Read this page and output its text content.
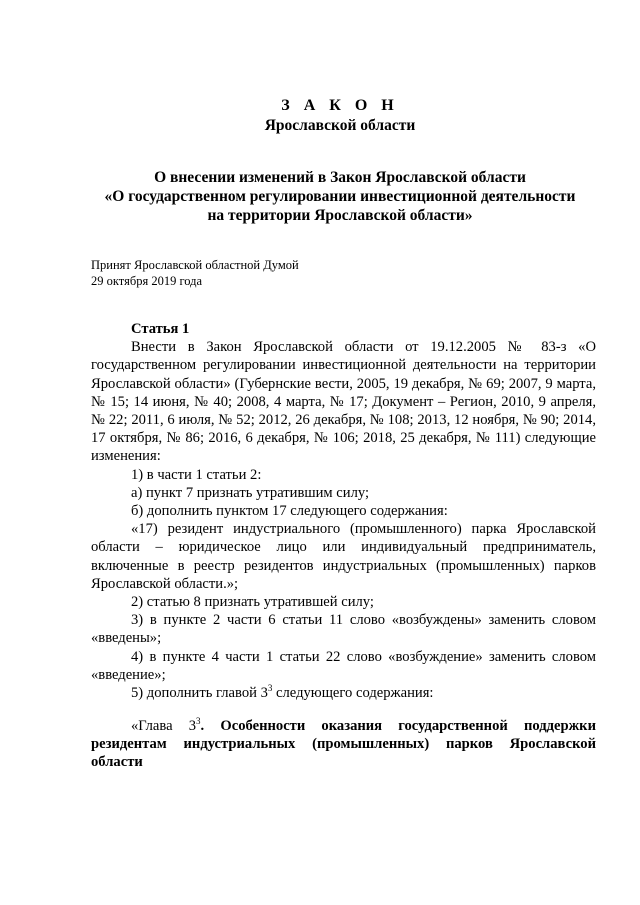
З А К О Н

Ярославской области

О внесении изменений в Закон Ярославской области
«О государственном регулировании инвестиционной деятельности
на территории Ярославской области»

Принят Ярославской областной Думой
29 октября 2019 года
Статья 1

Внести в Закон Ярославской области от 19.12.2005 № 83-з «О государственном регулировании инвестиционной деятельности на территории Ярославской области» (Губернские вести, 2005, 19 декабря, № 69; 2007, 9 марта, № 15; 14 июня, № 40; 2008, 4 марта, № 17; Документ – Регион, 2010, 9 апреля, № 22; 2011, 6 июля, № 52; 2012, 26 декабря, № 108; 2013, 12 ноября, № 90; 2014, 17 октября, № 86; 2016, 6 декабря, № 106; 2018, 25 декабря, № 111) следующие изменения:

1) в части 1 статьи 2:
а) пункт 7 признать утратившим силу;
б) дополнить пунктом 17 следующего содержания:

«17) резидент индустриального (промышленного) парка Ярославской области – юридическое лицо или индивидуальный предприниматель, включенные в реестр резидентов индустриальных (промышленных) парков Ярославской области.»;

2) статью 8 признать утратившей силу;

3) в пункте 2 части 6 статьи 11 слово «возбуждены» заменить словом «введены»;

4) в пункте 4 части 1 статьи 22 слово «возбуждение» заменить словом «введение»;

5) дополнить главой $3^3$ следующего содержания:

«Глава $3^3$. Особенности оказания государственной поддержки резидентам индустриальных (промышленных) парков Ярославской области
